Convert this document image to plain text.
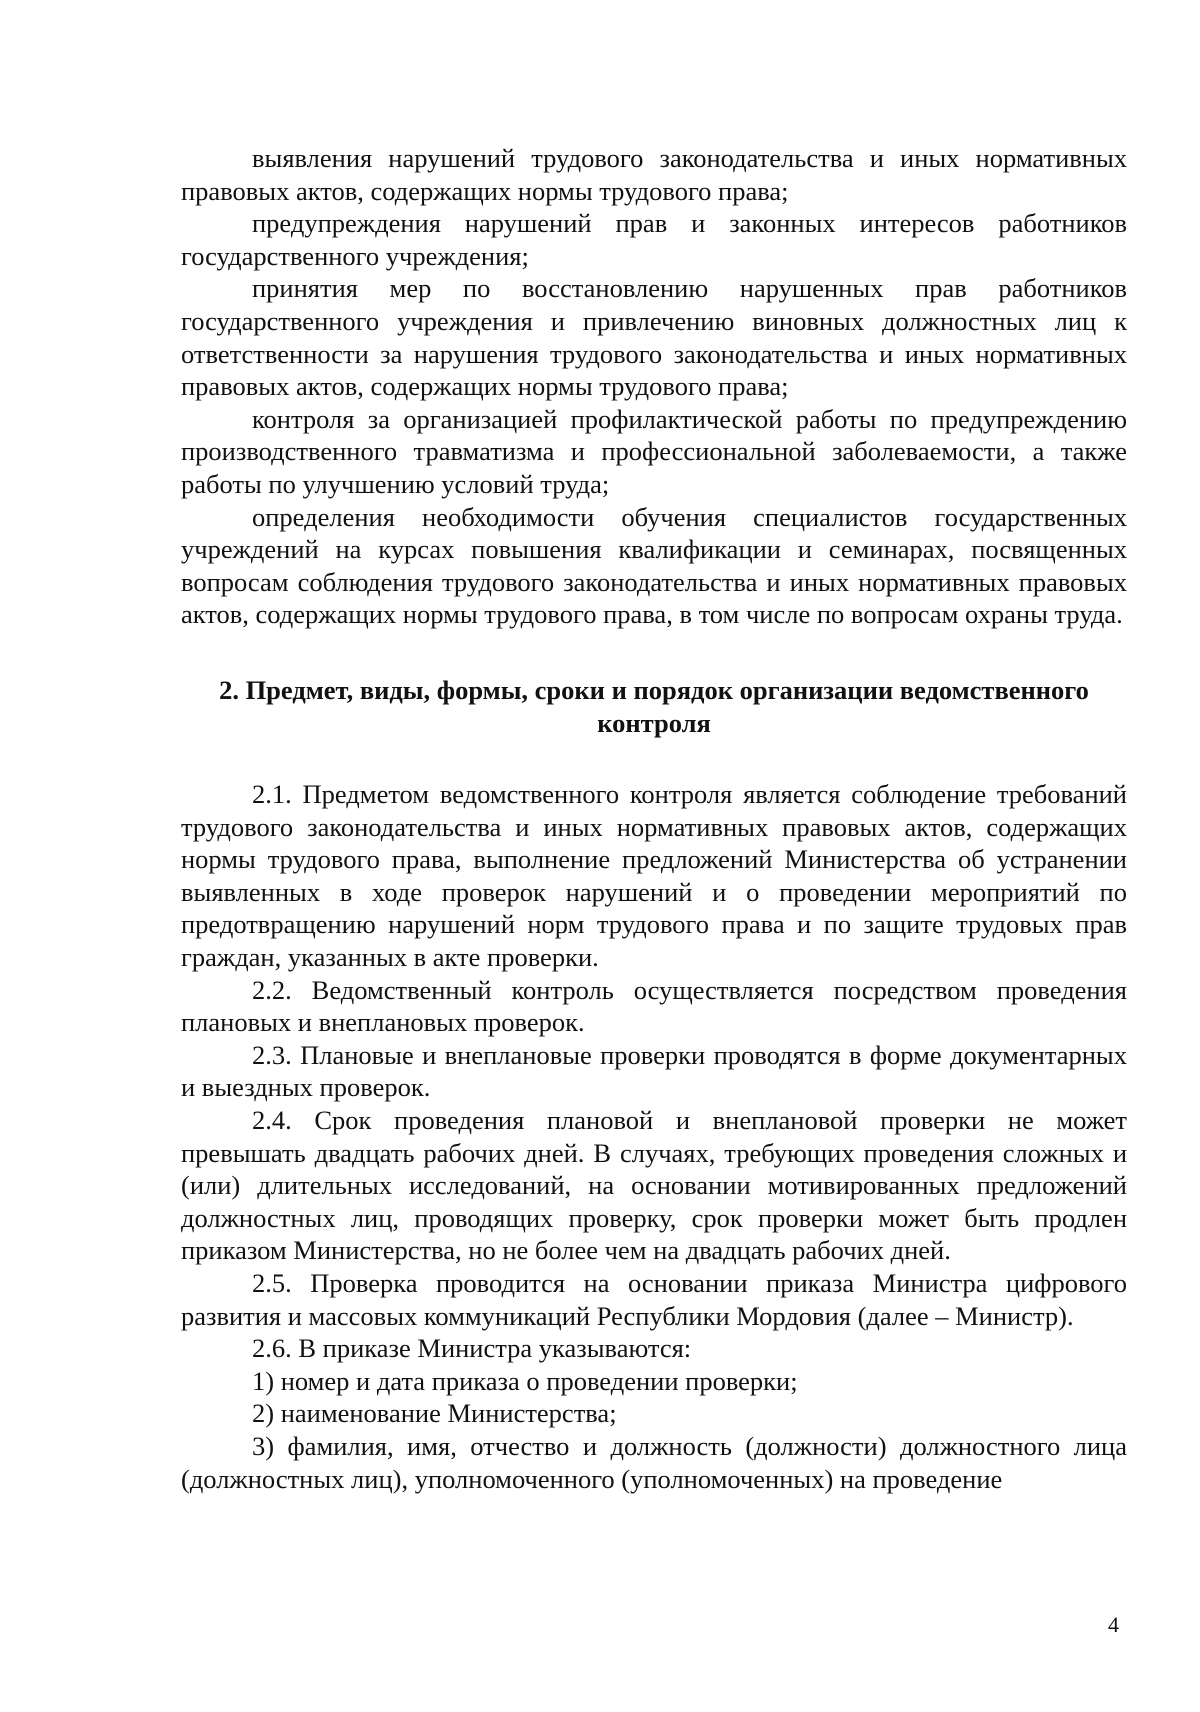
выявления нарушений трудового законодательства и иных нормативных правовых актов, содержащих нормы трудового права;

предупреждения нарушений прав и законных интересов работников государственного учреждения;

принятия мер по восстановлению нарушенных прав работников государственного учреждения и привлечению виновных должностных лиц к ответственности за нарушения трудового законодательства и иных нормативных правовых актов, содержащих нормы трудового права;

контроля за организацией профилактической работы по предупреждению производственного травматизма и профессиональной заболеваемости, а также работы по улучшению условий труда;

определения необходимости обучения специалистов государственных учреждений на курсах повышения квалификации и семинарах, посвященных вопросам соблюдения трудового законодательства и иных нормативных правовых актов, содержащих нормы трудового права, в том числе по вопросам охраны труда.

2. Предмет, виды, формы, сроки и порядок организации ведомственного контроля

2.1. Предметом ведомственного контроля является соблюдение требований трудового законодательства и иных нормативных правовых актов, содержащих нормы трудового права, выполнение предложений Министерства об устранении выявленных в ходе проверок нарушений и о проведении мероприятий по предотвращению нарушений норм трудового права и по защите трудовых прав граждан, указанных в акте проверки.

2.2. Ведомственный контроль осуществляется посредством проведения плановых и внеплановых проверок.

2.3. Плановые и внеплановые проверки проводятся в форме документарных и выездных проверок.

2.4. Срок проведения плановой и внеплановой проверки не может превышать двадцать рабочих дней. В случаях, требующих проведения сложных и (или) длительных исследований, на основании мотивированных предложений должностных лиц, проводящих проверку, срок проверки может быть продлен приказом Министерства, но не более чем на двадцать рабочих дней.

2.5. Проверка проводится на основании приказа Министра цифрового развития и массовых коммуникаций Республики Мордовия (далее – Министр).

2.6. В приказе Министра указываются:

1) номер и дата приказа о проведении проверки;

2) наименование Министерства;

3) фамилия, имя, отчество и должность (должности) должностного лица (должностных лиц), уполномоченного (уполномоченных) на проведение

4
